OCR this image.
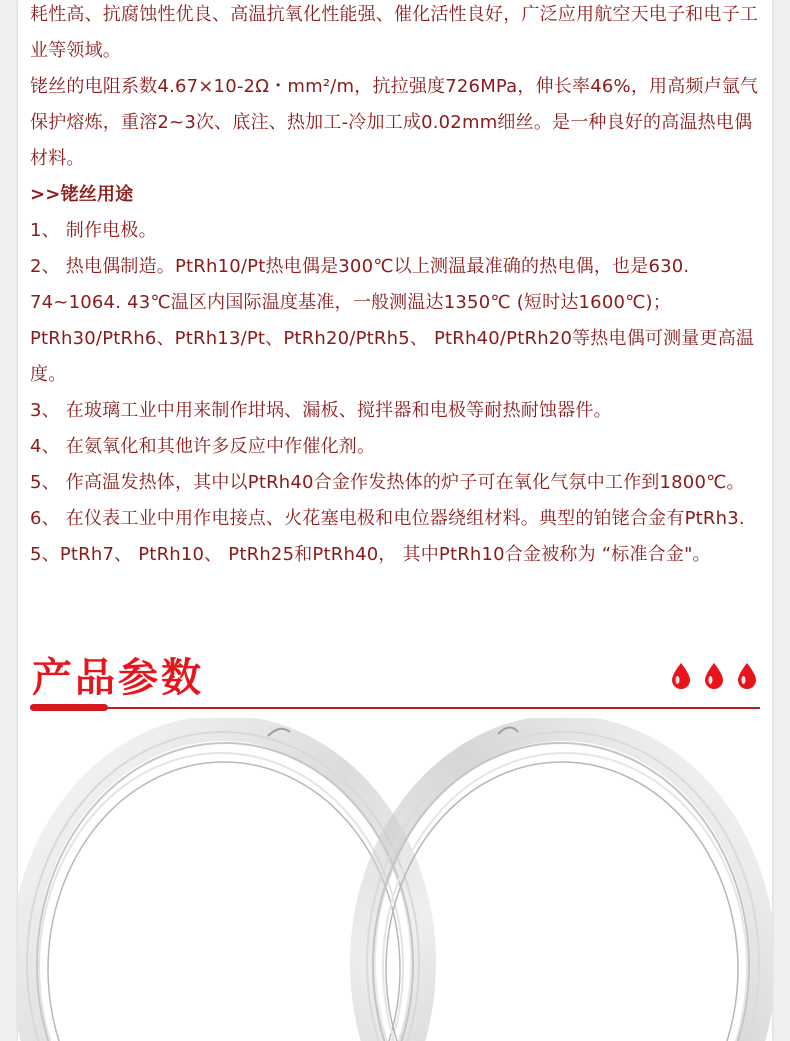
耗性高、抗腐蚀性优良、高温抗氧化性能强、催化活性良好，广泛应用航空天电子和电子工业等领域。

铑丝的电阻系数4.67×10-2Ω・mm²/m，抗拉强度726MPa，伸长率46%，用高频卢氩气保护熔炼，重溶2~3次、底注、热加工-冷加工成0.02mm细丝。是一种良好的高温热电偶材料。

>>铑丝用途

1、 制作电极。

2、 热电偶制造。PtRh10/Pt热电偶是300℃以上测温最准确的热电偶，也是630. 74~1064. 43℃温区内国际温度基准，一般测温达1350℃ (短时达1600℃)；PtRh30/PtRh6、PtRh13/Pt、PtRh20/PtRh5、 PtRh40/PtRh20等热电偶可测量更高温度。

3、 在玻璃工业中用来制作坩埚、漏板、搅拌器和电极等耐热耐蚀器件。

4、 在氨氧化和其他许多反应中作催化剂。

5、 作高温发热体，其中以PtRh40合金作发热体的炉子可在氧化气氛中工作到1800℃。

6、 在仪表工业中用作电接点、火花塞电极和电位器绕组材料。典型的铂铑合金有PtRh3. 5、PtRh7、 PtRh10、 PtRh25和PtRh40， 其中PtRh10合金被称为 “标准合金"。

产品参数
